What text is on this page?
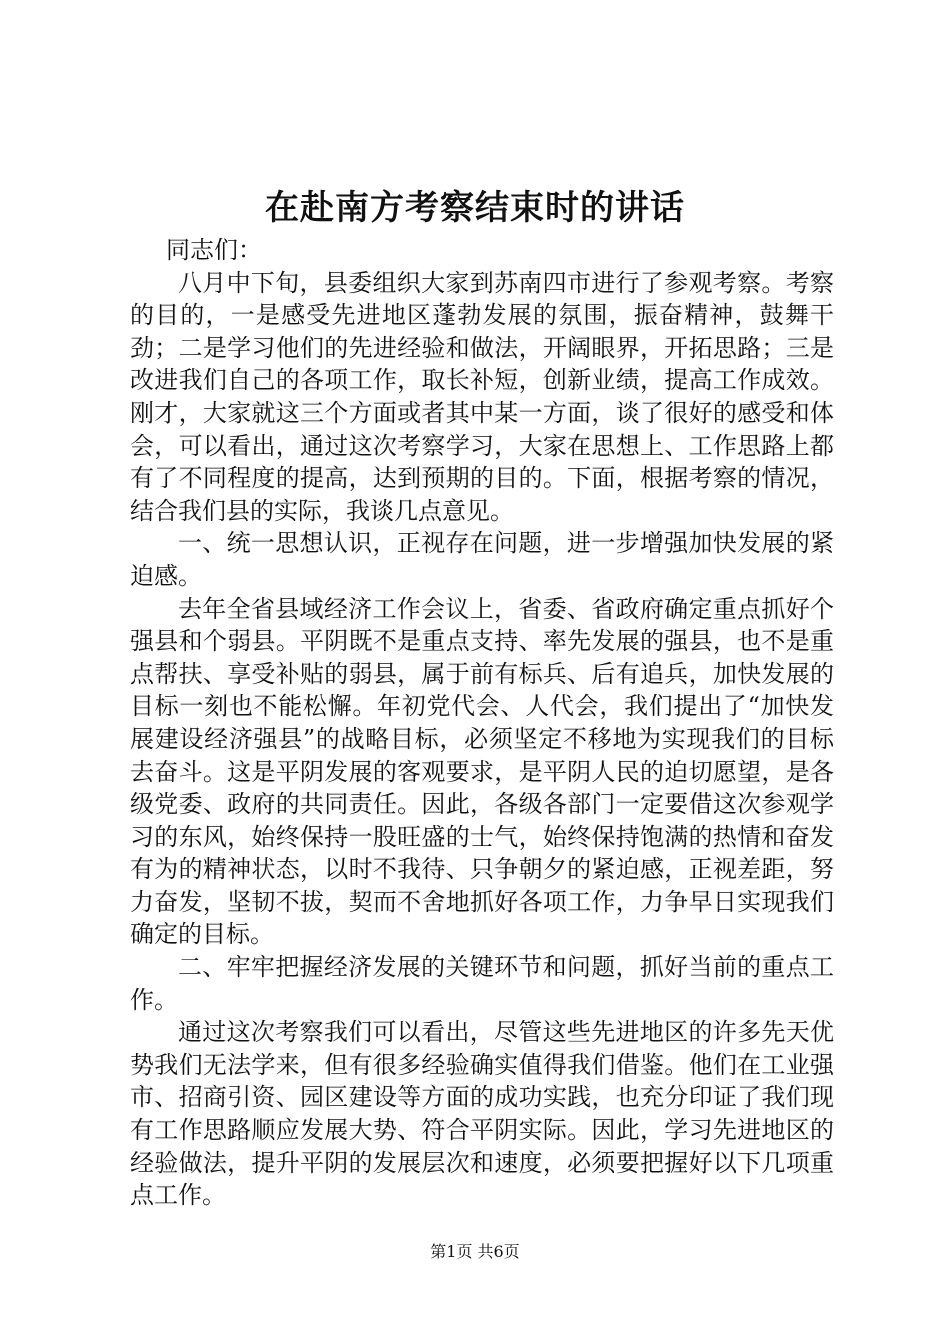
在赴南方考察结束时的讲话

同志们：

八月中下旬，县委组织大家到苏南四市进行了参观考察。考察的目的，一是感受先进地区蓬勃发展的氛围，振奋精神，鼓舞干劲；二是学习他们的先进经验和做法，开阔眼界，开拓思路；三是改进我们自己的各项工作，取长补短，创新业绩，提高工作成效。刚才，大家就这三个方面或者其中某一方面，谈了很好的感受和体会，可以看出，通过这次考察学习，大家在思想上、工作思路上都有了不同程度的提高，达到预期的目的。下面，根据考察的情况，结合我们县的实际，我谈几点意见。

一、统一思想认识，正视存在问题，进一步增强加快发展的紧迫感。

去年全省县域经济工作会议上，省委、省政府确定重点抓好个强县和个弱县。平阴既不是重点支持、率先发展的强县，也不是重点帮扶、享受补贴的弱县，属于前有标兵、后有追兵，加快发展的目标一刻也不能松懈。年初党代会、人代会，我们提出了“加快发展建设经济强县”的战略目标，必须坚定不移地为实现我们的目标去奋斗。这是平阴发展的客观要求，是平阴人民的迫切愿望，是各级党委、政府的共同责任。因此，各级各部门一定要借这次参观学习的东风，始终保持一股旺盛的士气，始终保持饱满的热情和奋发有为的精神状态，以时不我待、只争朝夕的紧迫感，正视差距，努力奋发，坚韧不拔，契而不舍地抓好各项工作，力争早日实现我们确定的目标。

二、牢牢把握经济发展的关键环节和问题，抓好当前的重点工作。

通过这次考察我们可以看出，尽管这些先进地区的许多先天优势我们无法学来，但有很多经验确实值得我们借鉴。他们在工业强市、招商引资、园区建设等方面的成功实践，也充分印证了我们现有工作思路顺应发展大势、符合平阴实际。因此，学习先进地区的经验做法，提升平阴的发展层次和速度，必须要把握好以下几项重点工作。

第1页 共6页
